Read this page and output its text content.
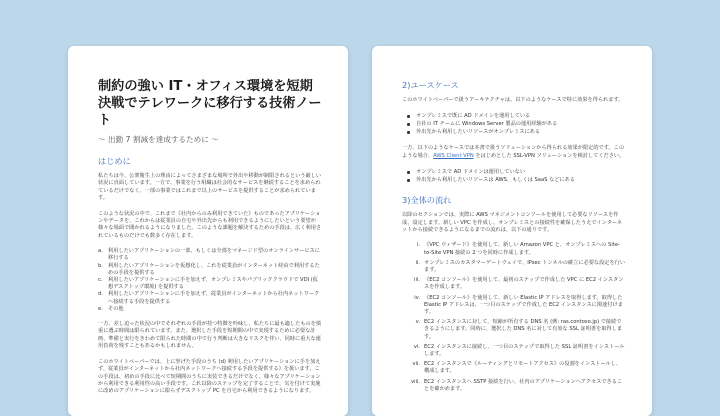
制約の強い IT・オフィス環境を短期決戦でテレワークに移行する技術ノート
〜 出勤 7 割減を達成するために 〜
はじめに

私たちは今、公衆衛生上の理由によってさまざまな場所で外出や移動が制限されるという厳しい状況に直面しています。一方で、事業を行う組織は社会的なサービスを継続することを求められているだけでなく、一部の事業ではこれまで以上のサービスを提供することが求められています。

このような状況の中で、これまで《社内からのみ利用できていた》ものであったアプリケーションやデータを、これからは従業員の自宅や外出先からも利用できるようにしたいという要望が様々な場面で聞かれるようになりました。このような課題を解決するための手段は、広く利用されているものだけでも数多く存在します。

a. 利用したいアプリケーションの一部、もしくは全部をマネージド型のオンラインサービスに移行する
b. 利用したいアプリケーションを仮想化し、これを従業員がインターネット経由で利用するための手段を提供する
c. 利用したいアプリケーションに手を加えず、オンプレミスやパブリッククラウドで VDI (仮想デスクトップ環境) を提供する
d. 利用したいアプリケーションに手を加えず、従業員がインターネットから社内ネットワークへ接続する手段を提供する
e. その他

一方、差し迫った状況の中でそれぞれの手段が持つ特徴を吟味し、私たちに最も適したものを慎重に選ぶ時間は限られています。また、選択した手段を短期間の中で実現するために必要な計画、準備と実行をきわめて限られた時間の中で行う判断は大きなリスクを伴い、同時に重大な運用負荷を残すこともあるかもしれません。

このホワイトペーパーでは、上に挙げた手段のうち (d) 利用したいアプリケーションに手を加えず、従業員がインターネットから社内ネットワークへ接続する手段を提供する》を扱います。この手段は、初めの手段に比べて短期間のうちに実装できるだけでなく、様々なアプリケーションから利用できる利用性の高い手段です。これ以降のステップを完了することで、気を付けて実施に改めのアプリケーションに限らずデスクトップ PC を自宅から利用できるようになります。

2)ユースケース

このホワイトペーパーで扱うアーキテクチャは、以下のようなケースで特に効果を得られます。

オンプレミスで既に AD ドメインを運用している
自社の IT チームに Windows Server 製品の運用経験がある
外出先から利用したいリソースがオンプレミスにある

一方、以下のようなケースでは本書で扱うソリューションから得られる効果が限定的です。このような場合、AWS Client VPN をはじめとした SSL-VPN ソリューションを検討してください。

オンプレミスで AD ドメインは運用していない
外出先から利用したいリソースは AWS、もしくは SaaS などにある
3)全体の流れ

以降のセクションでは、実際に AWS マネジメントコンソールを使用して必要なリソースを作成、設定します。新しい VPC を作成し、オンプレミスとの接続性を確保したうえでインターネットから接続できるようになるまでの流れは、以下の通りです。

i. 《VPC ウィザード》を使用して、新しい Amazon VPC と、オンプレミスへの Site-to-Site VPN 接続の 2 つを同時に作成します。
ii. オンプレミスのカスタマーゲートウェイで、IPsec トンネルの確立に必要な設定を行います。
iii. 《EC2 コンソール》を使用して、最初のステップで作成した VPC に EC2 インスタンスを作成します。
iv. 《EC2 コンソール》を使用して、新しい Elastic IP アドレスを取得します。取得した Elastic IP アドレスは、一つ目のステップで作成した EC2 インスタンスに関連付けます。
v. EC2 インスタンスに対して、短縮が所有する DNS 名 (例: ras.contoso.jp) で接続できるようにします。同時に、選択した DNS 名に対して有効な SSL 証明書を取得します。
vi. EC2 インスタンスに接続し、一つ目のステップで取得した SSL 証明書をインストールします。
vii. EC2 インスタンスで《ルーティングとリモートアクセス》の役割をインストールし、構成します。
viii. EC2 インスタンスへ SSTP 接続を行い、社内のアプリケーションへアクセスできることを確かめます。
